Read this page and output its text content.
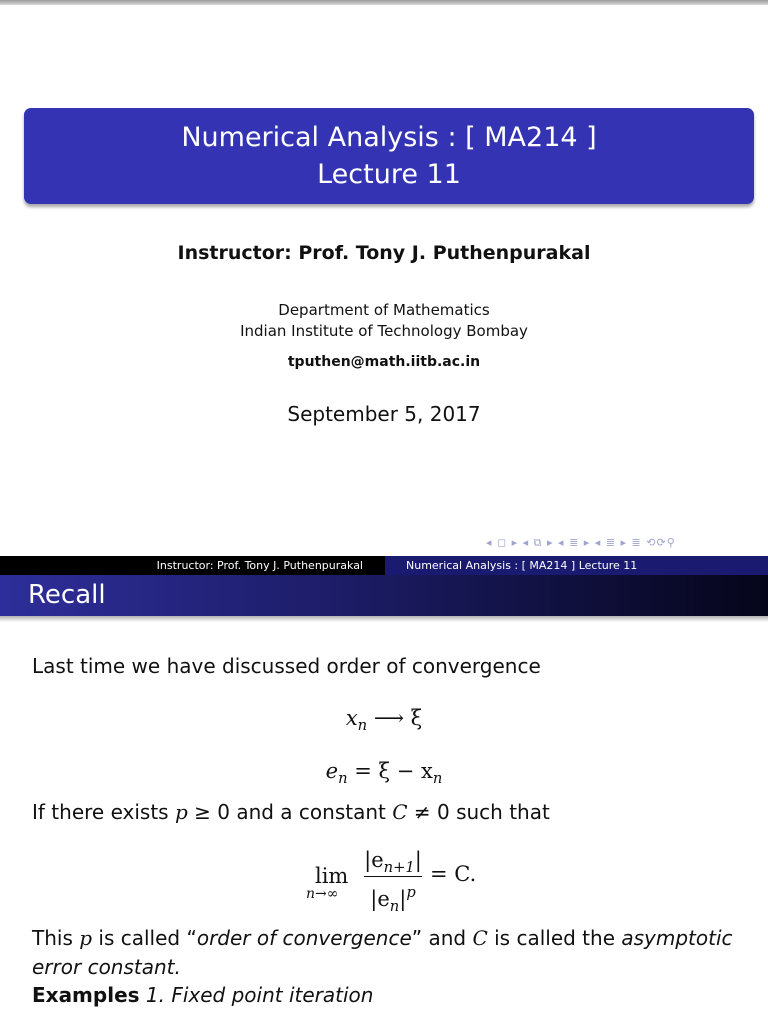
Numerical Analysis : [ MA214 ]
Lecture 11
Instructor: Prof. Tony J. Puthenpurakal
Department of Mathematics
Indian Institute of Technology Bombay
tputhen@math.iitb.ac.in
September 5, 2017
◂ ◻ ▸ ◂ ⧉ ▸ ◂ ≣ ▸ ◂ ≣ ▸ ≣ ⟲⟳⚲
Instructor: Prof. Tony J. Puthenpurakal	Numerical Analysis : [ MA214 ] Lecture 11
Recall
Last time we have discussed order of convergence
$x_n$ ⟶ ξ
$e_n = \xi - x_n$
If there exists p ≥ 0 and a constant C ≠ 0 such that
lim
n→∞
$|e_{n+1}|$
$|e_n|^p$
= C.
This p is called “order of convergence” and C is called the asymptotic
error constant.
Examples 1. Fixed point iteration
